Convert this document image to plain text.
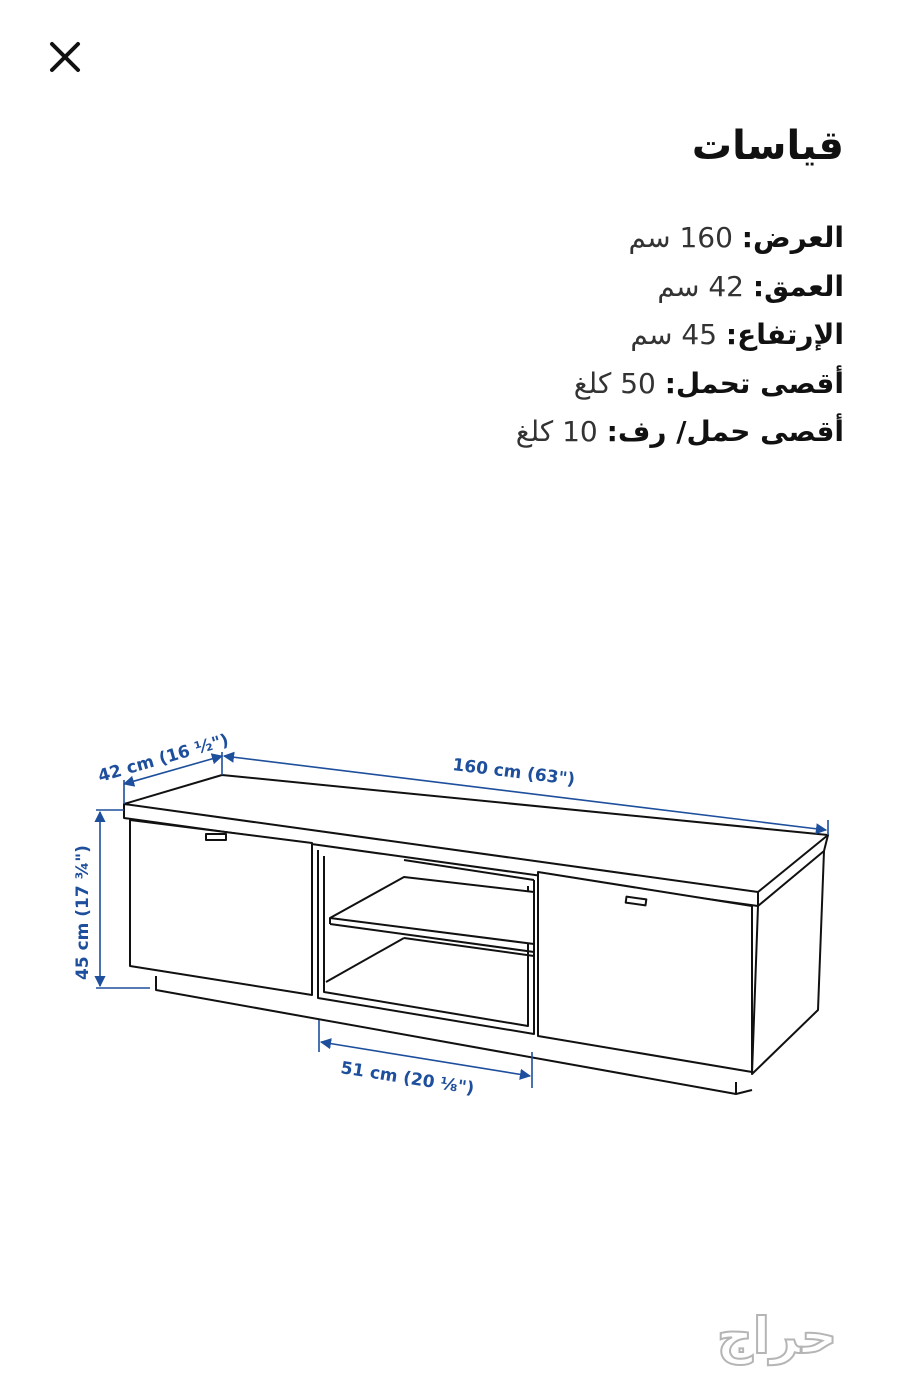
قياسات
العرض: 160 سم
العمق: 42 سم
الإرتفاع: 45 سم
أقصى تحمل: 50 كلغ
أقصى حمل/ رف: 10 كلغ
42 cm (16 ½")	160 cm (63")
45 cm (17 ¾")
51 cm (20 ⅛")
حراج
